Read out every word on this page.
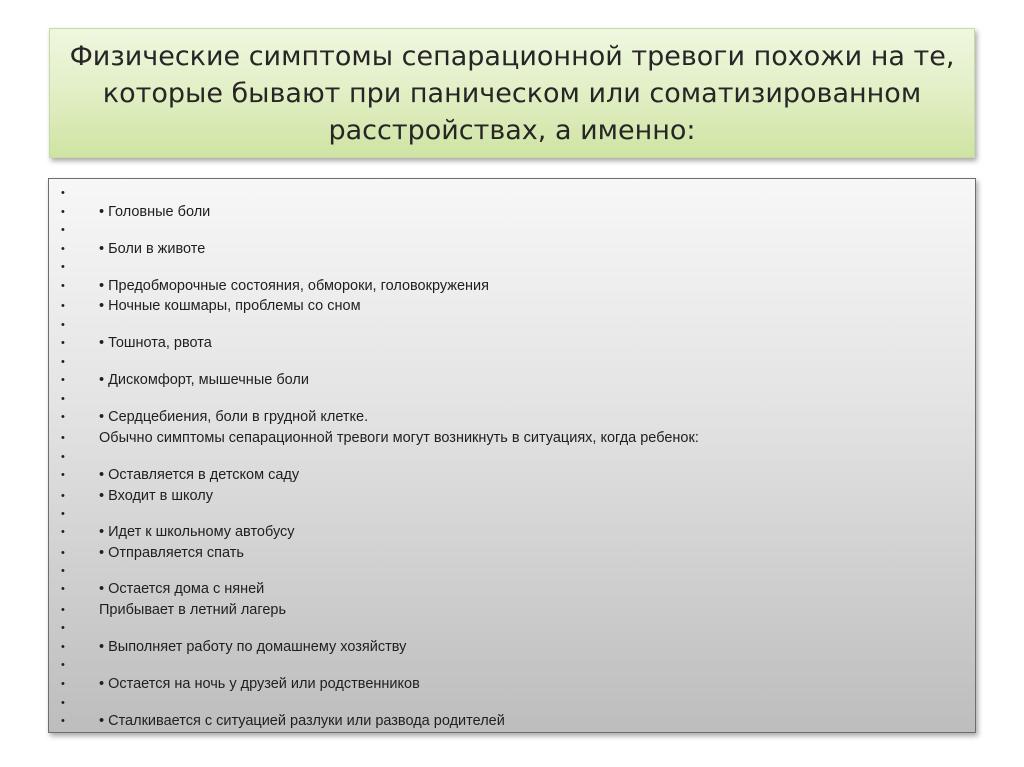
Физические симптомы сепарационной тревоги похожи на те,
которые бывают при паническом или соматизированном
расстройствах, а именно:

•
• • Головные боли
•
• • Боли в животе
•
• • Предобморочные состояния, обмороки, головокружения
• • Ночные кошмары, проблемы со сном
•
• • Тошнота, рвота
•
• • Дискомфорт, мышечные боли
•
• • Сердцебиения, боли в грудной клетке.
• Обычно симптомы сепарационной тревоги могут возникнуть в ситуациях, когда ребенок:
•
• • Оставляется в детском саду
• • Входит в школу
•
• • Идет к школьному автобусу
• • Отправляется спать
•
• • Остается дома с няней
• Прибывает в летний лагерь
•
• • Выполняет работу по домашнему хозяйству
•
• • Остается на ночь у друзей или родственников
•
• • Сталкивается с ситуацией разлуки или развода родителей
